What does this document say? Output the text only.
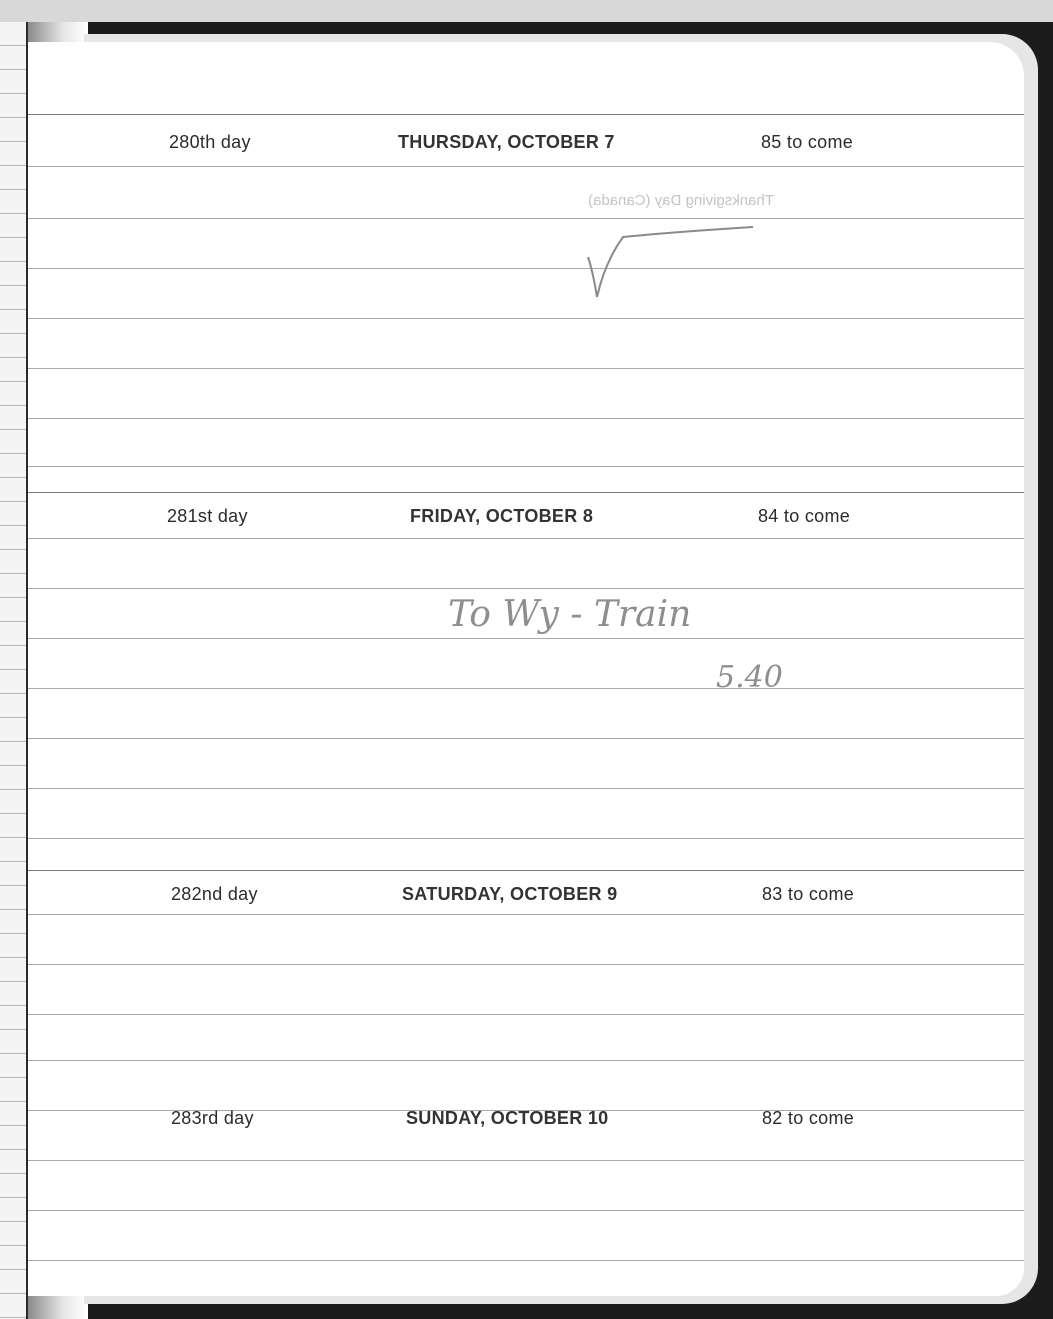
280th day	THURSDAY, OCTOBER 7	85 to come
Thanksgiving Day (Canada)
281st day	FRIDAY, OCTOBER 8	84 to come
To Wy - Train
5.40
282nd day	SATURDAY, OCTOBER 9	83 to come
283rd day	SUNDAY, OCTOBER 10	82 to come
